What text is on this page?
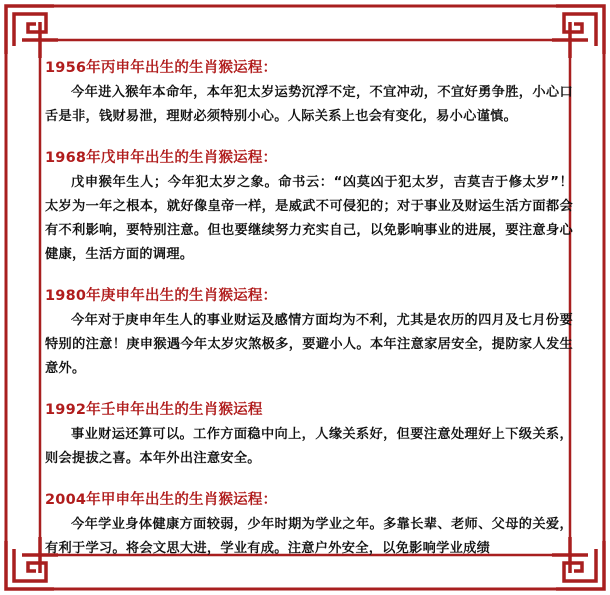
1956年丙申年出生的生肖猴运程：

今年进入猴年本命年，本年犯太岁运势沉浮不定，不宜冲动，不宜好勇争胜，小心口舌是非，钱财易泄，理财必须特别小心。人际关系上也会有变化，易小心谨慎。

1968年戊申年出生的生肖猴运程：

戊申猴年生人；今年犯太岁之象。命书云：“凶莫凶于犯太岁，吉莫吉于修太岁”！太岁为一年之根本，就好像皇帝一样，是威武不可侵犯的；对于事业及财运生活方面都会有不利影响，要特别注意。但也要继续努力充实自己，以免影响事业的进展，要注意身心健康，生活方面的调理。

1980年庚申年出生的生肖猴运程：

今年对于庚申年生人的事业财运及感情方面均为不利，尤其是农历的四月及七月份要特别的注意！庚申猴遇今年太岁灾煞极多，要避小人。本年注意家居安全，提防家人发生意外。

1992年壬申年出生的生肖猴运程

事业财运还算可以。工作方面稳中向上，人缘关系好，但要注意处理好上下级关系，则会提拔之喜。本年外出注意安全。

2004年甲申年出生的生肖猴运程：

今年学业身体健康方面较弱，少年时期为学业之年。多靠长辈、老师、父母的关爱，有利于学习。将会文思大进，学业有成。注意户外安全，以免影响学业成绩
